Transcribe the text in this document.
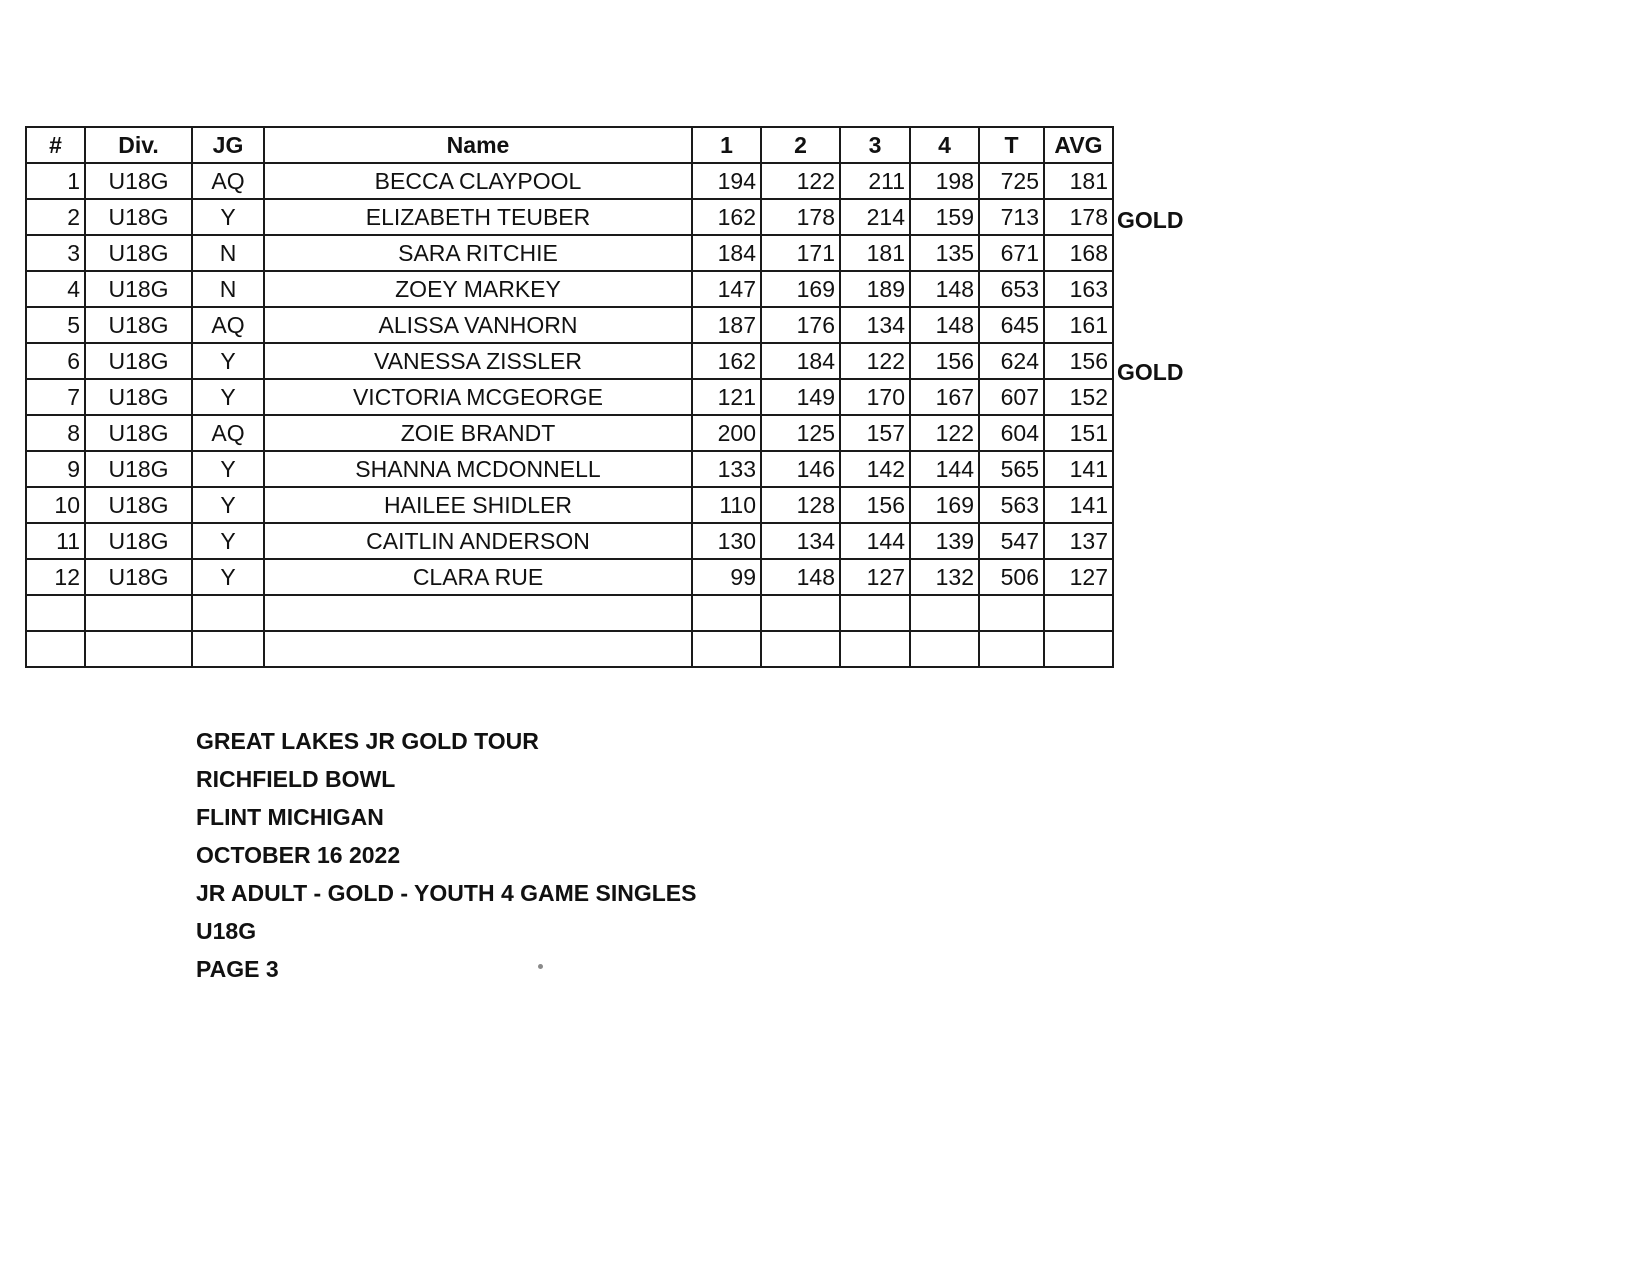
#	Div.	JG	Name	1	2	3	4	T	AVG
1	U18G	AQ	BECCA CLAYPOOL	194	122	211	198	725	181
2	U18G	Y	ELIZABETH TEUBER	162	178	214	159	713	178
3	U18G	N	SARA RITCHIE	184	171	181	135	671	168
4	U18G	N	ZOEY MARKEY	147	169	189	148	653	163
5	U18G	AQ	ALISSA VANHORN	187	176	134	148	645	161
6	U18G	Y	VANESSA ZISSLER	162	184	122	156	624	156
7	U18G	Y	VICTORIA MCGEORGE	121	149	170	167	607	152
8	U18G	AQ	ZOIE BRANDT	200	125	157	122	604	151
9	U18G	Y	SHANNA MCDONNELL	133	146	142	144	565	141
10	U18G	Y	HAILEE SHIDLER	110	128	156	169	563	141
11	U18G	Y	CAITLIN ANDERSON	130	134	144	139	547	137
12	U18G	Y	CLARA RUE	99	148	127	132	506	127

GOLD
GOLD
GREAT LAKES JR GOLD TOUR
RICHFIELD BOWL
FLINT MICHIGAN
OCTOBER 16 2022
JR ADULT - GOLD - YOUTH 4 GAME SINGLES
U18G
PAGE 3
